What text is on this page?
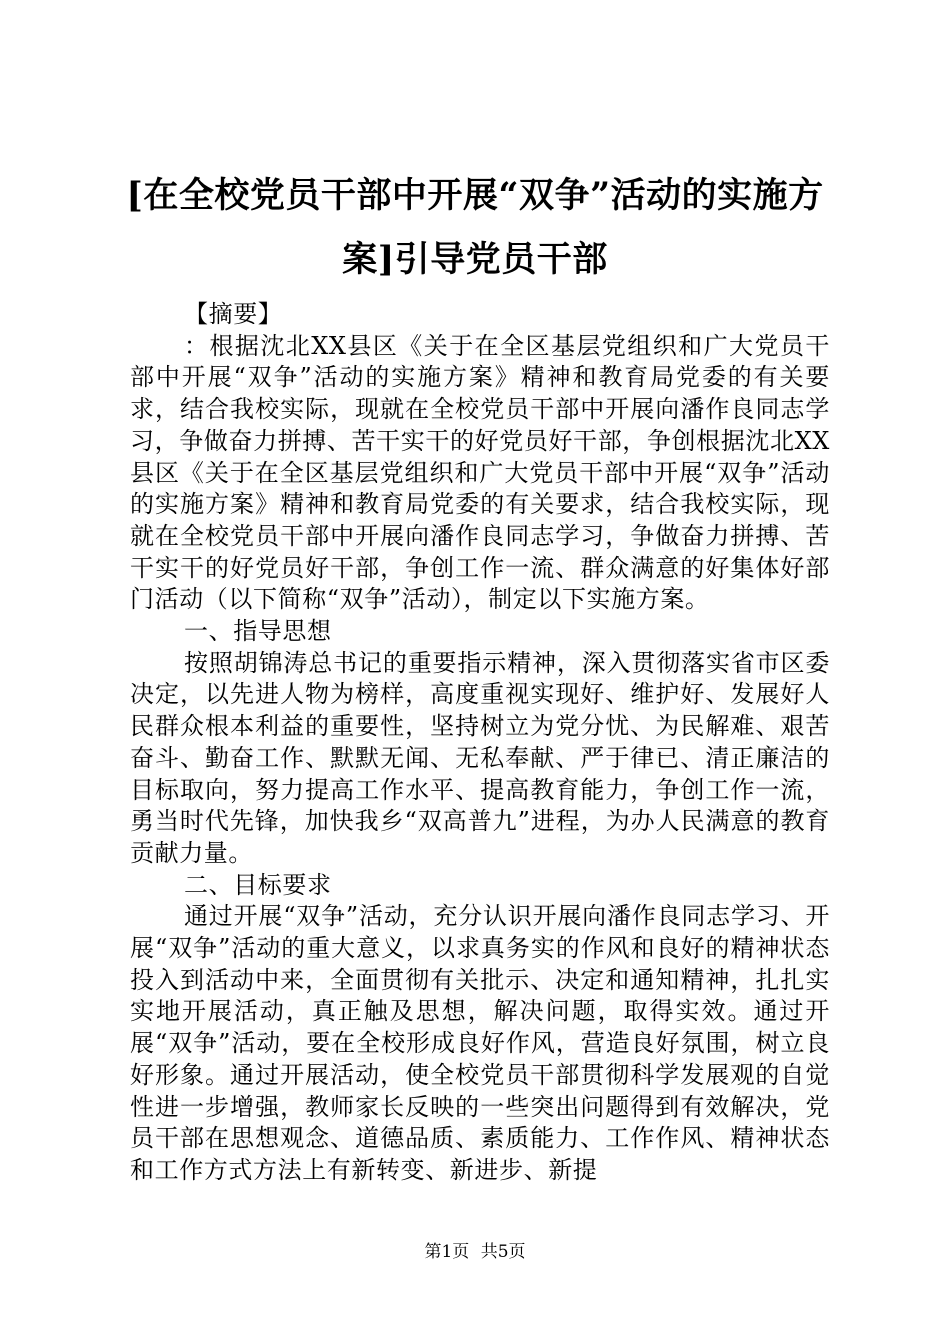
[在全校党员干部中开展“双争”活动的实施方案]引导党员干部

【摘要】

：根据沈北XX县区《关于在全区基层党组织和广大党员干部中开展“双争”活动的实施方案》精神和教育局党委的有关要求，结合我校实际，现就在全校党员干部中开展向潘作良同志学习，争做奋力拼搏、苦干实干的好党员好干部，争创根据沈北XX县区《关于在全区基层党组织和广大党员干部中开展“双争”活动的实施方案》精神和教育局党委的有关要求，结合我校实际，现就在全校党员干部中开展向潘作良同志学习，争做奋力拼搏、苦干实干的好党员好干部，争创工作一流、群众满意的好集体好部门活动（以下简称“双争”活动），制定以下实施方案。

一、指导思想

按照胡锦涛总书记的重要指示精神，深入贯彻落实省市区委决定，以先进人物为榜样，高度重视实现好、维护好、发展好人民群众根本利益的重要性，坚持树立为党分忧、为民解难、艰苦奋斗、勤奋工作、默默无闻、无私奉献、严于律已、清正廉洁的目标取向，努力提高工作水平、提高教育能力，争创工作一流，勇当时代先锋，加快我乡“双高普九”进程，为办人民满意的教育贡献力量。

二、目标要求

通过开展“双争”活动，充分认识开展向潘作良同志学习、开展“双争”活动的重大意义，以求真务实的作风和良好的精神状态投入到活动中来，全面贯彻有关批示、决定和通知精神，扎扎实实地开展活动，真正触及思想，解决问题，取得实效。通过开展“双争”活动，要在全校形成良好作风，营造良好氛围，树立良好形象。通过开展活动，使全校党员干部贯彻科学发展观的自觉性进一步增强，教师家长反映的一些突出问题得到有效解决，党员干部在思想观念、道德品质、素质能力、工作作风、精神状态和工作方式方法上有新转变、新进步、新提

第1页 共5页
